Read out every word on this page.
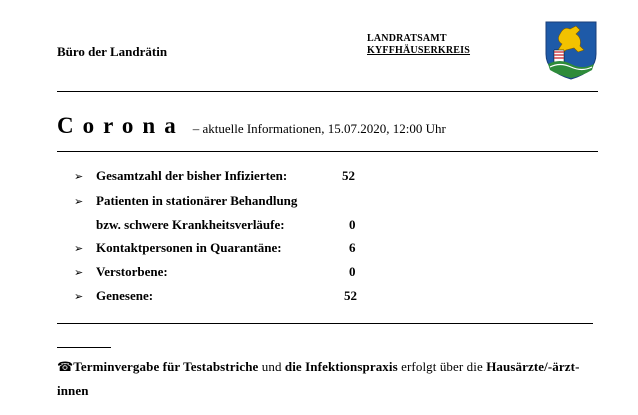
Büro der Landrätin
LANDRATSAMT
KYFFHÄUSERKREIS
Corona – aktuelle Informationen, 15.07.2020, 12:00 Uhr
➢ Gesamtzahl der bisher Infizierten:	52
➢ Patienten in stationärer Behandlung
bzw. schwere Krankheitsverläufe:	0
➢ Kontaktpersonen in Quarantäne:	6
➢ Verstorbene:	0
➢ Genesene:	52
☎Terminvergabe für Testabstriche und die Infektionspraxis erfolgt über die Hausärzte/-ärzt-
innen
